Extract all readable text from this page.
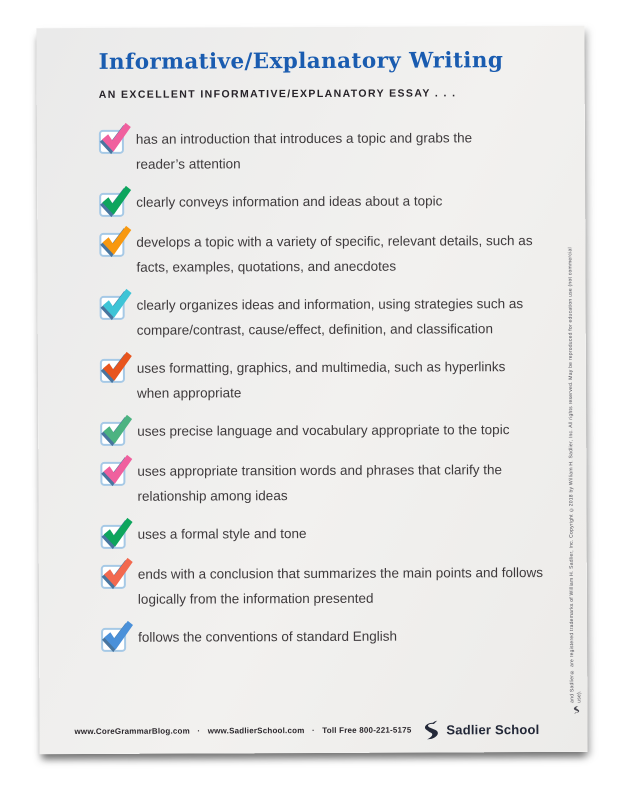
Informative/Explanatory Writing
AN EXCELLENT INFORMATIVE/EXPLANATORY ESSAY . . .
has an introduction that introduces a topic and grabs the
reader’s attention
clearly conveys information and ideas about a topic
develops a topic with a variety of specific, relevant details, such as
facts, examples, quotations, and anecdotes
clearly organizes ideas and information, using strategies such as
compare/contrast, cause/effect, definition, and classification
uses formatting, graphics, and multimedia, such as hyperlinks
when appropriate
uses precise language and vocabulary appropriate to the topic
uses appropriate transition words and phrases that clarify the
relationship among ideas
uses a formal style and tone
ends with a conclusion that summarizes the main points and follows
logically from the information presented
follows the conventions of standard English
www.CoreGrammarBlog.com · www.SadlierSchool.com · Toll Free 800-221-5175	Sadlier School
and Sadlier® are registered trademarks of William H. Sadlier, Inc. Copyright ©2018 by William H. Sadlier, Inc. All rights reserved. May be reproduced for education use (not commercial use).
